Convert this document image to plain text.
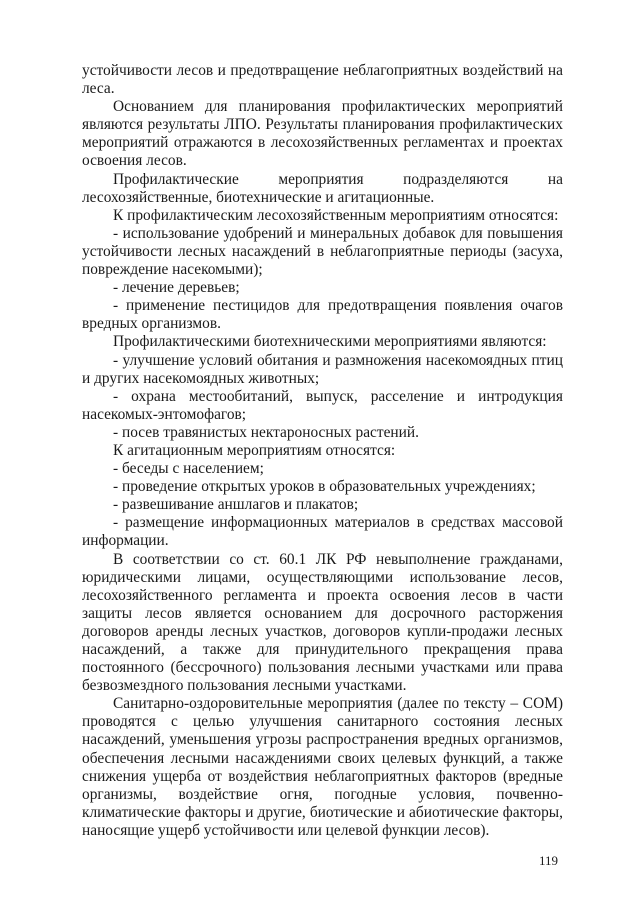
устойчивости лесов и предотвращение неблагоприятных воздействий на леса.

Основанием для планирования профилактических мероприятий являются результаты ЛПО. Результаты планирования профилактических мероприятий отражаются в лесохозяйственных регламентах и проектах освоения лесов.

Профилактические мероприятия подразделяются на лесохозяйственные, биотехнические и агитационные.

К профилактическим лесохозяйственным мероприятиям относятся:

- использование удобрений и минеральных добавок для повышения устойчивости лесных насаждений в неблагоприятные периоды (засуха, повреждение насекомыми);

- лечение деревьев;

- применение пестицидов для предотвращения появления очагов вредных организмов.

Профилактическими биотехническими мероприятиями являются:

- улучшение условий обитания и размножения насекомоядных птиц и других насекомоядных животных;

- охрана местообитаний, выпуск, расселение и интродукция насекомых-энтомофагов;

- посев травянистых нектароносных растений.

К агитационным мероприятиям относятся:

- беседы с населением;

- проведение открытых уроков в образовательных учреждениях;

- развешивание аншлагов и плакатов;

- размещение информационных материалов в средствах массовой информации.

В соответствии со ст. 60.1 ЛК РФ невыполнение гражданами, юридическими лицами, осуществляющими использование лесов, лесохозяйственного регламента и проекта освоения лесов в части защиты лесов является основанием для досрочного расторжения договоров аренды лесных участков, договоров купли-продажи лесных насаждений, а также для принудительного прекращения права постоянного (бессрочного) пользования лесными участками или права безвозмездного пользования лесными участками.

Санитарно-оздоровительные мероприятия (далее по тексту – СОМ) проводятся с целью улучшения санитарного состояния лесных насаждений, уменьшения угрозы распространения вредных организмов, обеспечения лесными насаждениями своих целевых функций, а также снижения ущерба от воздействия неблагоприятных факторов (вредные организмы, воздействие огня, погодные условия, почвенно-климатические факторы и другие, биотические и абиотические факторы, наносящие ущерб устойчивости или целевой функции лесов).

119
